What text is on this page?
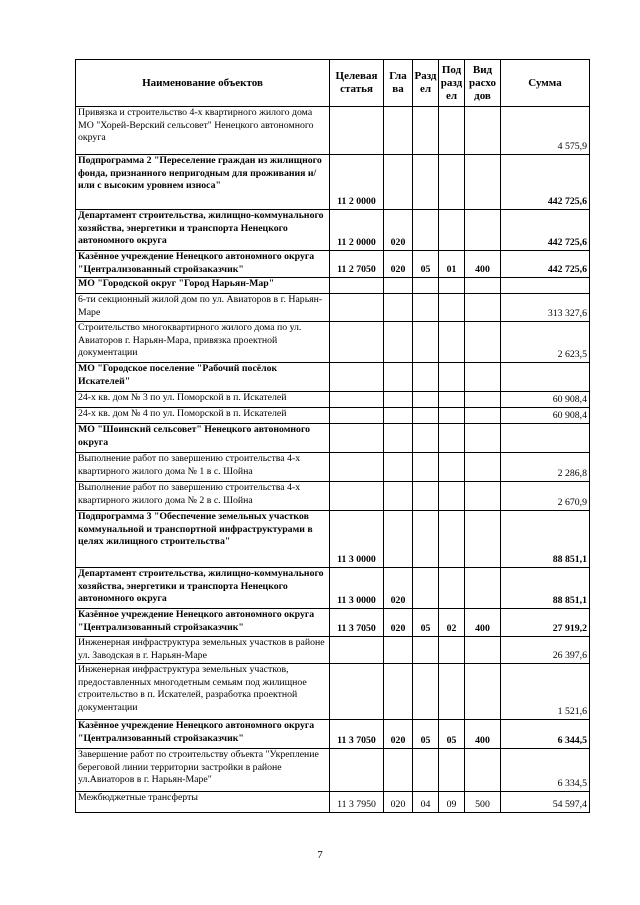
Наименование объектов	Целевая статья	Гла ва	Разд ел	Под разд ел	Вид расхо дов	Сумма
Привязка и строительство 4-х квартирного жилого дома МО "Хорей-Верский сельсовет" Ненецкого автономного округа						4 575,9
Подпрограмма 2 "Переселение граждан из жилищного фонда, признанного непригодным для проживания и/или с высоким уровнем износа"	11 2 0000					442 725,6
Департамент строительства, жилищно-коммунального хозяйства, энергетики и транспорта Ненецкого автономного округа	11 2 0000	020				442 725,6
Казённое учреждение Ненецкого автономного округа "Централизованный стройзаказчик"	11 2 7050	020	05	01	400	442 725,6
МО "Городской округ "Город Нарьян-Мар"						
6-ти секционный жилой дом по ул. Авиаторов в г. Нарьян-Маре						313 327,6
Строительство многоквартирного жилого дома по ул. Авиаторов г. Нарьян-Мара, привязка проектной документации						2 623,5
МО "Городское поселение "Рабочий посёлок Искателей"						
24-х кв. дом № 3 по ул. Поморской в п. Искателей						60 908,4
24-х кв. дом № 4 по ул. Поморской в п. Искателей						60 908,4
МО "Шоинский сельсовет" Ненецкого автономного округа						
Выполнение работ по завершению строительства 4-х квартирного жилого дома № 1 в с. Шойна						2 286,8
Выполнение работ по завершению строительства 4-х квартирного жилого дома № 2 в с. Шойна						2 670,9
Подпрограмма 3 "Обеспечение земельных участков коммунальной и транспортной инфраструктурами в целях жилищного строительства"	11 3 0000					88 851,1
Департамент строительства, жилищно-коммунального хозяйства, энергетики и транспорта Ненецкого автономного округа	11 3 0000	020				88 851,1
Казённое учреждение Ненецкого автономного округа "Централизованный стройзаказчик"	11 3 7050	020	05	02	400	27 919,2
Инженерная инфраструктура земельных участков в районе ул. Заводская в г. Нарьян-Маре						26 397,6
Инженерная инфраструктура земельных участков, предоставленных многодетным семьям под жилищное строительство в п. Искателей, разработка проектной документации						1 521,6
Казённое учреждение Ненецкого автономного округа "Централизованный стройзаказчик"	11 3 7050	020	05	05	400	6 344,5
Завершение работ по строительству объекта "Укрепление береговой линии территории застройки в районе ул.Авиаторов в г. Нарьян-Маре"						6 334,5
Межбюджетные трансферты	11 3 7950	020	04	09	500	54 597,4
7
